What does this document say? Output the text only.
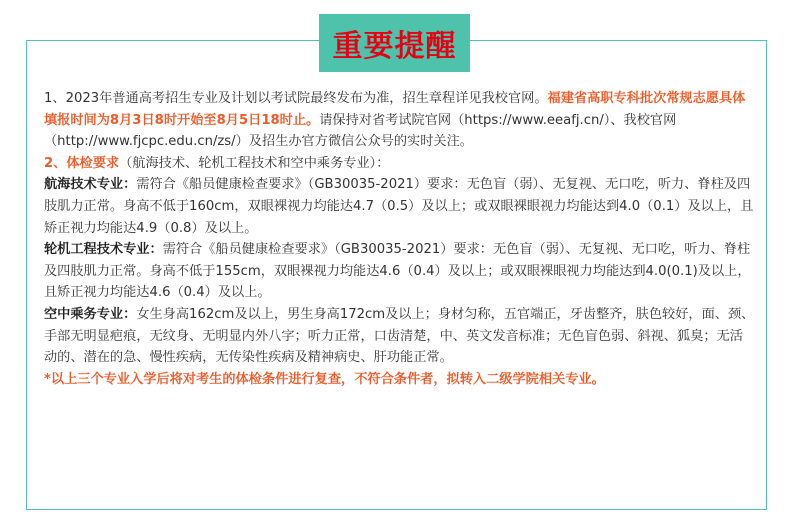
重要提醒

1、2023年普通高考招生专业及计划以考试院最终发布为准，招生章程详见我校官网。福建省高职专科批次常规志愿具体填报时间为8月3日8时开始至8月5日18时止。请保持对省考试院官网（https://www.eeafj.cn/）、我校官网（http://www.fjcpc.edu.cn/zs/）及招生办官方微信公众号的实时关注。

2、体检要求（航海技术、轮机工程技术和空中乘务专业）：

航海技术专业：需符合《船员健康检查要求》（GB30035-2021）要求：无色盲（弱）、无复视、无口吃，听力、脊柱及四肢肌力正常。身高不低于160cm，双眼裸视力均能达4.7（0.5）及以上；或双眼裸眼视力均能达到4.0（0.1）及以上，且矫正视力均能达4.9（0.8）及以上。

轮机工程技术专业：需符合《船员健康检查要求》（GB30035-2021）要求：无色盲（弱）、无复视、无口吃，听力、脊柱及四肢肌力正常。身高不低于155cm，双眼裸视力均能达4.6（0.4）及以上；或双眼裸眼视力均能达到4.0(0.1)及以上，且矫正视力均能达4.6（0.4）及以上。

空中乘务专业：女生身高162cm及以上，男生身高172cm及以上；身材匀称，五官端正，牙齿整齐，肤色较好，面、颈、手部无明显疤痕，无纹身、无明显内外八字；听力正常，口齿清楚，中、英文发音标准；无色盲色弱、斜视、狐臭；无活动的、潜在的急、慢性疾病，无传染性疾病及精神病史、肝功能正常。

*以上三个专业入学后将对考生的体检条件进行复查，不符合条件者，拟转入二级学院相关专业。
